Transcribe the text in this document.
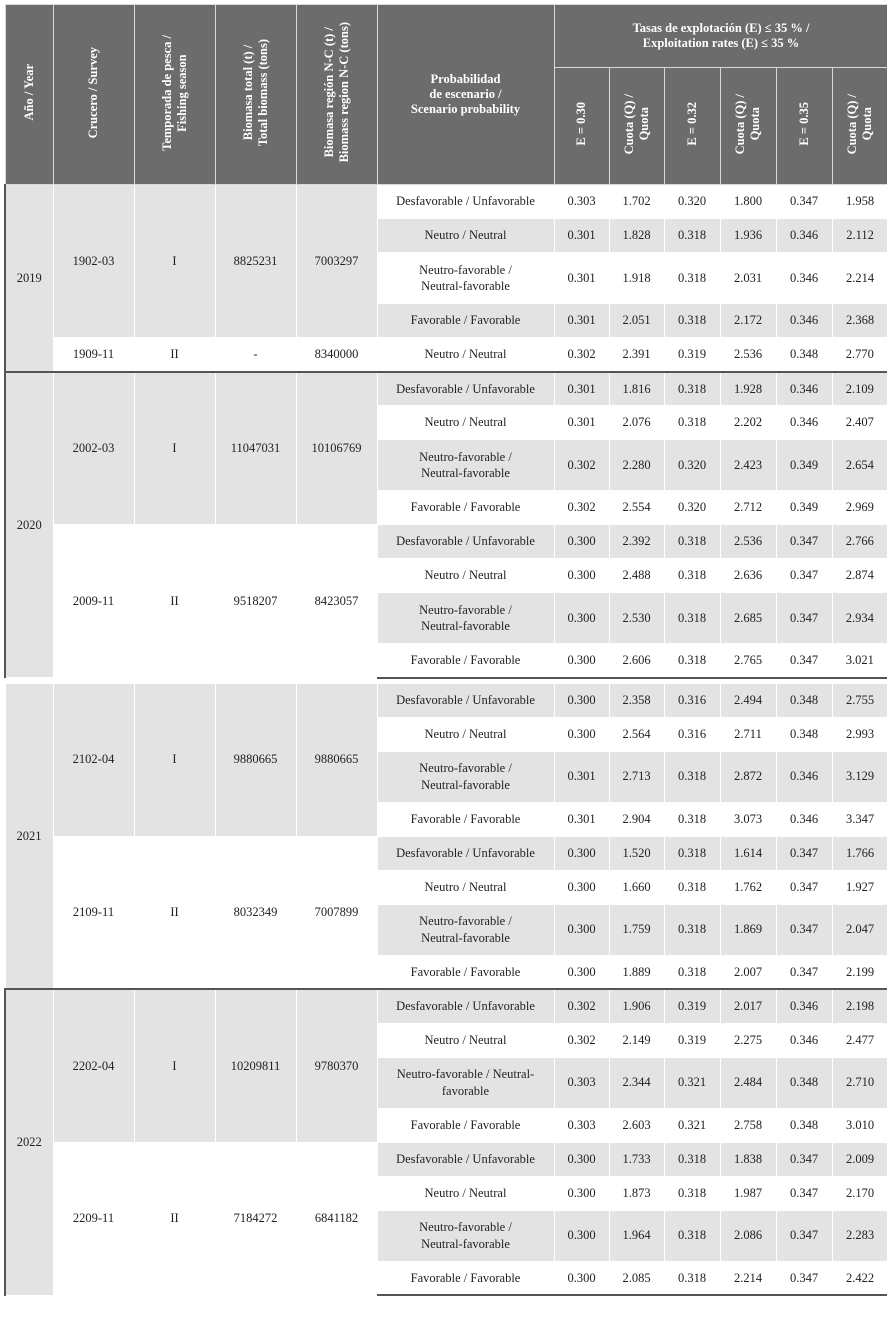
Año / Year	Crucero / Survey	Temporada de pesca /
Fishing season	Biomasa total (t) /
Total biomass (tons)	Biomasa región N-C (t) /
Biomass region N-C (tons)	Probabilidad
de escenario /
Scenario probability	Tasas de explotación (E) ≤ 35 % /
Exploitation rates (E) ≤ 35 %					
						E = 0.30	Cuota (Q) /
Quota	E = 0.32	Cuota (Q) /
Quota	E = 0.35	Cuota (Q) /
Quota
2019	1902-03	I	8825231	7003297	Desfavorable / Unfavorable	0.303	1.702	0.320	1.800	0.347	1.958
					Neutro / Neutral	0.301	1.828	0.318	1.936	0.346	2.112
					Neutro-favorable /
Neutral-favorable	0.301	1.918	0.318	2.031	0.346	2.214
					Favorable / Favorable	0.301	2.051	0.318	2.172	0.346	2.368
	1909-11	II	-	8340000	Neutro / Neutral	0.302	2.391	0.319	2.536	0.348	2.770
2020	2002-03	I	11047031	10106769	Desfavorable / Unfavorable	0.301	1.816	0.318	1.928	0.346	2.109
					Neutro / Neutral	0.301	2.076	0.318	2.202	0.346	2.407
					Neutro-favorable /
Neutral-favorable	0.302	2.280	0.320	2.423	0.349	2.654
					Favorable / Favorable	0.302	2.554	0.320	2.712	0.349	2.969
	2009-11	II	9518207	8423057	Desfavorable / Unfavorable	0.300	2.392	0.318	2.536	0.347	2.766
					Neutro / Neutral	0.300	2.488	0.318	2.636	0.347	2.874
					Neutro-favorable /
Neutral-favorable	0.300	2.530	0.318	2.685	0.347	2.934
					Favorable / Favorable	0.300	2.606	0.318	2.765	0.347	3.021

2021	2102-04	I	9880665	9880665	Desfavorable / Unfavorable	0.300	2.358	0.316	2.494	0.348	2.755
					Neutro / Neutral	0.300	2.564	0.316	2.711	0.348	2.993
					Neutro-favorable /
Neutral-favorable	0.301	2.713	0.318	2.872	0.346	3.129
					Favorable / Favorable	0.301	2.904	0.318	3.073	0.346	3.347
	2109-11	II	8032349	7007899	Desfavorable / Unfavorable	0.300	1.520	0.318	1.614	0.347	1.766
					Neutro / Neutral	0.300	1.660	0.318	1.762	0.347	1.927
					Neutro-favorable /
Neutral-favorable	0.300	1.759	0.318	1.869	0.347	2.047
					Favorable / Favorable	0.300	1.889	0.318	2.007	0.347	2.199
2022	2202-04	I	10209811	9780370	Desfavorable / Unfavorable	0.302	1.906	0.319	2.017	0.346	2.198
					Neutro / Neutral	0.302	2.149	0.319	2.275	0.346	2.477
					Neutro-favorable / Neutral-
favorable	0.303	2.344	0.321	2.484	0.348	2.710
					Favorable / Favorable	0.303	2.603	0.321	2.758	0.348	3.010
	2209-11	II	7184272	6841182	Desfavorable / Unfavorable	0.300	1.733	0.318	1.838	0.347	2.009
					Neutro / Neutral	0.300	1.873	0.318	1.987	0.347	2.170
					Neutro-favorable /
Neutral-favorable	0.300	1.964	0.318	2.086	0.347	2.283
					Favorable / Favorable	0.300	2.085	0.318	2.214	0.347	2.422
